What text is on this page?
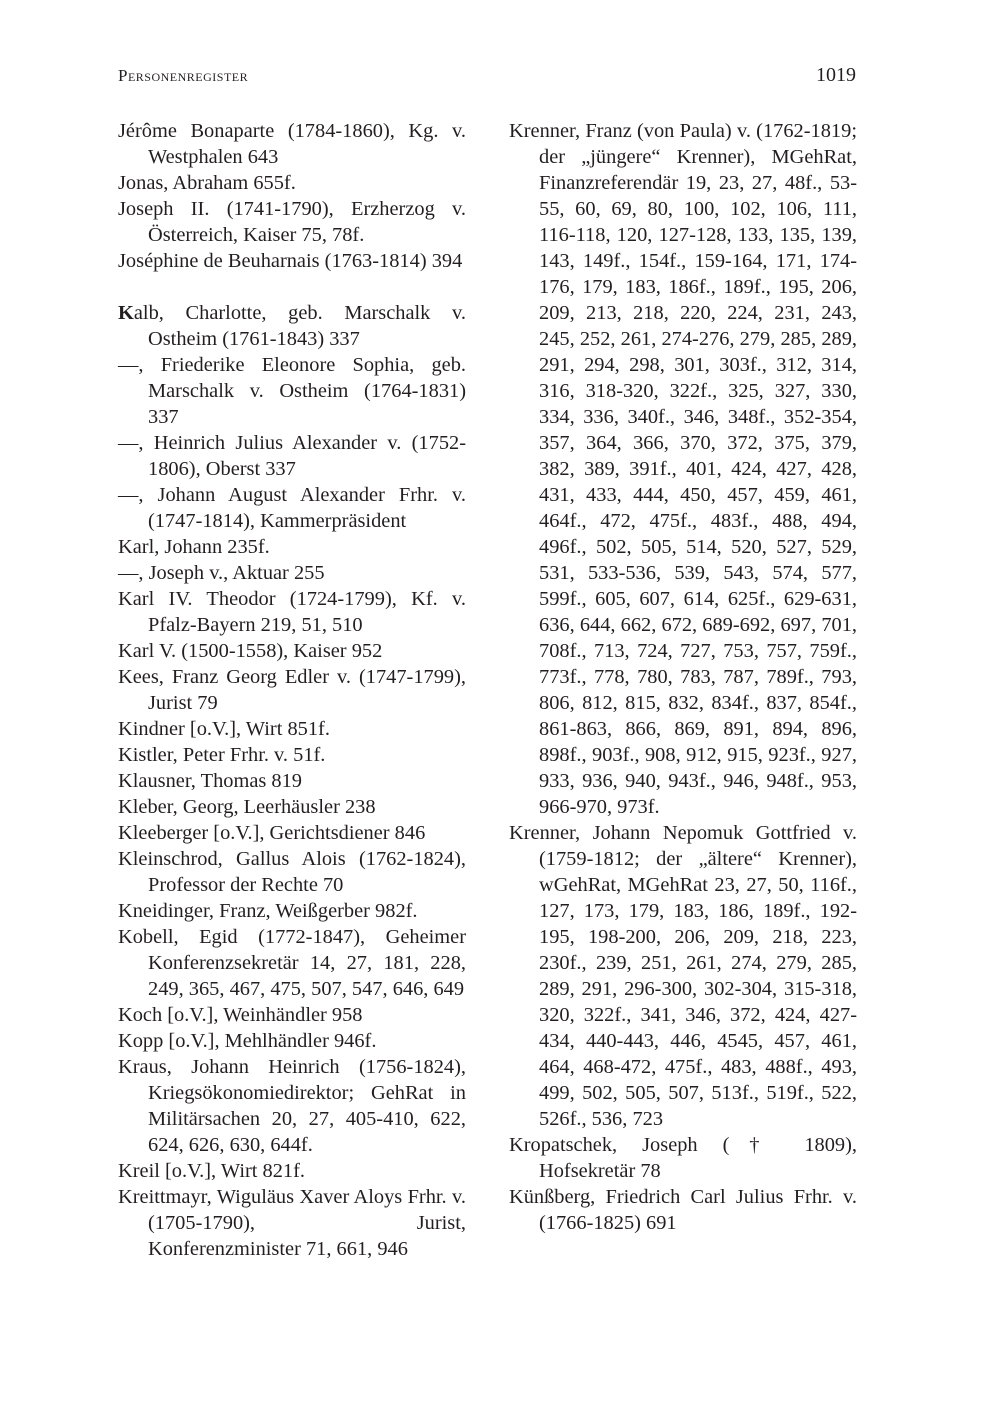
Personenregister	1019

Jérôme Bonaparte (1784-1860), Kg. v. Westphalen 643

Jonas, Abraham 655f.

Joseph II. (1741-1790), Erzherzog v. Österreich, Kaiser 75, 78f.

Joséphine de Beuharnais (1763-1814) 394

Kalb, Charlotte, geb. Marschalk v. Ostheim (1761-1843) 337

—, Friederike Eleonore Sophia, geb. Marschalk v. Ostheim (1764-1831) 337

—, Heinrich Julius Alexander v. (1752-1806), Oberst 337

—, Johann August Alexander Frhr. v. (1747-1814), Kammerpräsident

Karl, Johann 235f.

—, Joseph v., Aktuar 255

Karl IV. Theodor (1724-1799), Kf. v. Pfalz-Bayern 219, 51, 510

Karl V. (1500-1558), Kaiser 952

Kees, Franz Georg Edler v. (1747-1799), Jurist 79

Kindner [o.V.], Wirt 851f.

Kistler, Peter Frhr. v. 51f.

Klausner, Thomas 819

Kleber, Georg, Leerhäusler 238

Kleeberger [o.V.], Gerichtsdiener 846

Kleinschrod, Gallus Alois (1762-1824), Professor der Rechte 70

Kneidinger, Franz, Weißgerber 982f.

Kobell, Egid (1772-1847), Geheimer Konferenzsekretär 14, 27, 181, 228, 249, 365, 467, 475, 507, 547, 646, 649

Koch [o.V.], Weinhändler 958

Kopp [o.V.], Mehlhändler 946f.

Kraus, Johann Heinrich (1756-1824), Kriegsökonomiedirektor; GehRat in Militärsachen 20, 27, 405-410, 622, 624, 626, 630, 644f.

Kreil [o.V.], Wirt 821f.

Kreittmayr, Wiguläus Xaver Aloys Frhr. v. (1705-1790), Jurist, Konferenzminister 71, 661, 946

Krenner, Franz (von Paula) v. (1762-1819; der „jüngere“ Krenner), MGehRat, Finanzreferendär 19, 23, 27, 48f., 53-55, 60, 69, 80, 100, 102, 106, 111, 116-118, 120, 127-128, 133, 135, 139, 143, 149f., 154f., 159-164, 171, 174-176, 179, 183, 186f., 189f., 195, 206, 209, 213, 218, 220, 224, 231, 243, 245, 252, 261, 274-276, 279, 285, 289, 291, 294, 298, 301, 303f., 312, 314, 316, 318-320, 322f., 325, 327, 330, 334, 336, 340f., 346, 348f., 352-354, 357, 364, 366, 370, 372, 375, 379, 382, 389, 391f., 401, 424, 427, 428, 431, 433, 444, 450, 457, 459, 461, 464f., 472, 475f., 483f., 488, 494, 496f., 502, 505, 514, 520, 527, 529, 531, 533-536, 539, 543, 574, 577, 599f., 605, 607, 614, 625f., 629-631, 636, 644, 662, 672, 689-692, 697, 701, 708f., 713, 724, 727, 753, 757, 759f., 773f., 778, 780, 783, 787, 789f., 793, 806, 812, 815, 832, 834f., 837, 854f., 861-863, 866, 869, 891, 894, 896, 898f., 903f., 908, 912, 915, 923f., 927, 933, 936, 940, 943f., 946, 948f., 953, 966-970, 973f.

Krenner, Johann Nepomuk Gottfried v. (1759-1812; der „ältere“ Krenner), wGehRat, MGehRat 23, 27, 50, 116f., 127, 173, 179, 183, 186, 189f., 192-195, 198-200, 206, 209, 218, 223, 230f., 239, 251, 261, 274, 279, 285, 289, 291, 296-300, 302-304, 315-318, 320, 322f., 341, 346, 372, 424, 427-434, 440-443, 446, 4545, 457, 461, 464, 468-472, 475f., 483, 488f., 493, 499, 502, 505, 507, 513f., 519f., 522, 526f., 536, 723

Kropatschek, Joseph († 1809), Hofsekretär 78

Künßberg, Friedrich Carl Julius Frhr. v. (1766-1825) 691
